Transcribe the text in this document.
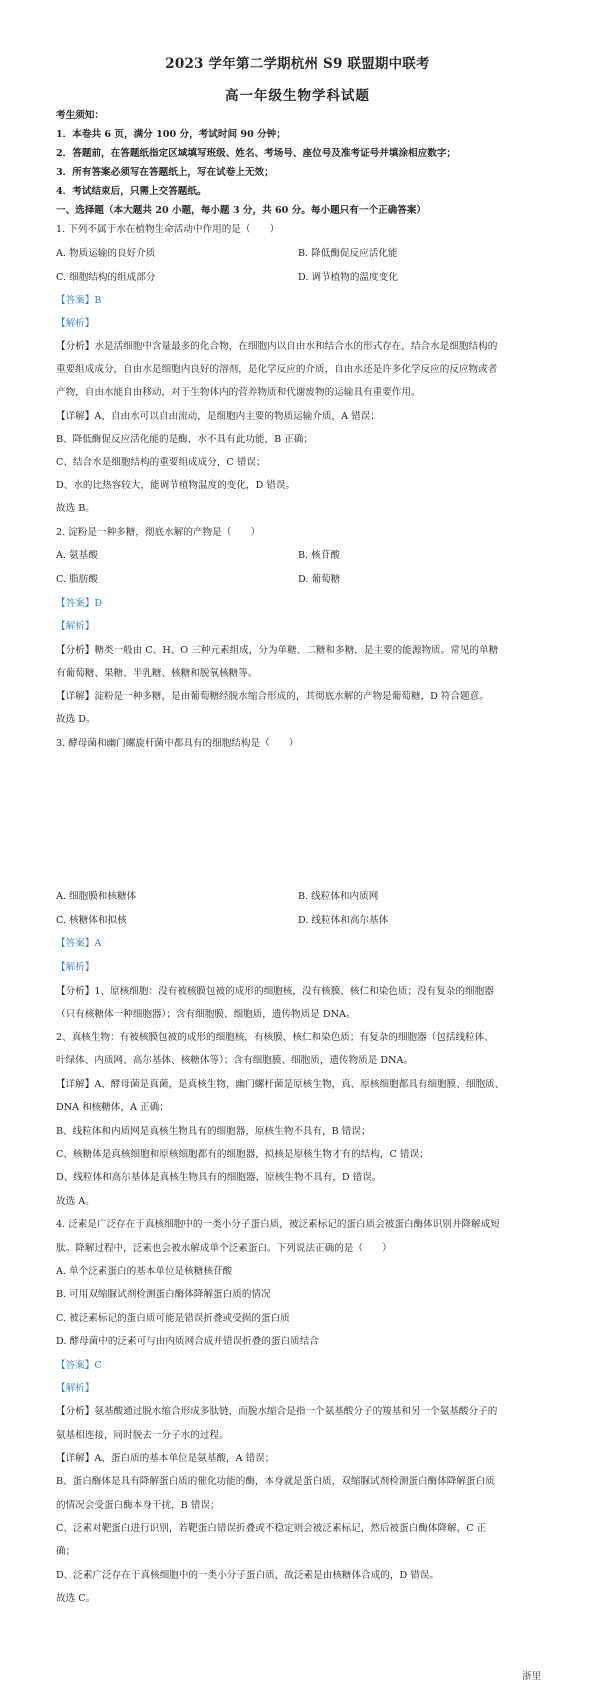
2023 学年第二学期杭州 S9 联盟期中联考
高一年级生物学科试题
考生须知：
1．本卷共 6 页，满分 100 分，考试时间 90 分钟；
2．答题前，在答题纸指定区域填写班级、姓名、考场号、座位号及准考证号并填涂相应数字；
3．所有答案必须写在答题纸上，写在试卷上无效；
4．考试结束后，只需上交答题纸。
一、选择题（本大题共 20 小题，每小题 3 分，共 60 分。每小题只有一个正确答案）
1. 下列不属于水在植物生命活动中作用的是（　　）
A. 物质运输的良好介质	B. 降低酶促反应活化能
C. 细胞结构的组成部分	D. 调节植物的温度变化
【答案】B
【解析】
【分析】水是活细胞中含量最多的化合物，在细胞内以自由水和结合水的形式存在，结合水是细胞结构的
重要组成成分，自由水是细胞内良好的溶剂，是化学反应的介质，自由水还是许多化学反应的反应物或者
产物，自由水能自由移动，对于生物体内的营养物质和代谢废物的运输具有重要作用。
【详解】A、自由水可以自由流动，是细胞内主要的物质运输介质，A 错误；
B、降低酶促反应活化能的是酶，水不具有此功能，B 正确；
C、结合水是细胞结构的重要组成成分，C 错误；
D、水的比热容较大，能调节植物温度的变化，D 错误。
故选 B。
2. 淀粉是一种多糖，彻底水解的产物是（　　）
A. 氨基酸	B. 核苷酸
C. 脂肪酸	D. 葡萄糖
【答案】D
【解析】
【分析】糖类一般由 C、H、O 三种元素组成，分为单糖、二糖和多糖，是主要的能源物质。常见的单糖
有葡萄糖、果糖、半乳糖、核糖和脱氧核糖等。
【详解】淀粉是一种多糖，是由葡萄糖经脱水缩合形成的，其彻底水解的产物是葡萄糖，D 符合题意。
故选 D。
3. 酵母菌和幽门螺旋杆菌中都具有的细胞结构是（　　）
A. 细胞膜和核糖体	B. 线粒体和内质网
C. 核糖体和拟核	D. 线粒体和高尔基体
【答案】A
【解析】
【分析】1、原核细胞：没有被核膜包被的成形的细胞核，没有核膜、核仁和染色质；没有复杂的细胞器
（只有核糖体一种细胞器）；含有细胞膜、细胞质，遗传物质是 DNA。
2、真核生物：有被核膜包被的成形的细胞核，有核膜、核仁和染色质；有复杂的细胞器（包括线粒体、
叶绿体、内质网、高尔基体、核糖体等）；含有细胞膜、细胞质，遗传物质是 DNA。
【详解】A、酵母菌是真菌，是真核生物，幽门螺杆菌是原核生物，真、原核细胞都具有细胞膜、细胞质、
DNA 和核糖体，A 正确；
B、线粒体和内质网是真核生物具有的细胞器，原核生物不具有，B 错误；
C、核糖体是真核细胞和原核细胞都有的细胞器，拟核是原核生物才有的结构，C 错误；
D、线粒体和高尔基体是真核生物具有的细胞器，原核生物不具有，D 错误。
故选 A。
4. 泛素是广泛存在于真核细胞中的一类小分子蛋白质，被泛素标记的蛋白质会被蛋白酶体识别并降解成短
肽。降解过程中，泛素也会被水解成单个泛素蛋白。下列说法正确的是（　　）
A. 单个泛素蛋白的基本单位是核糖核苷酸
B. 可用双缩脲试剂检测蛋白酶体降解蛋白质的情况
C. 被泛素标记的蛋白质可能是错误折叠或受损的蛋白质
D. 酵母菌中的泛素可与由内质网合成并错误折叠的蛋白质结合
【答案】C
【解析】
【分析】氨基酸通过脱水缩合形成多肽链，而脱水缩合是指一个氨基酸分子的羧基和另一个氨基酸分子的
氨基相连接，同时脱去一分子水的过程。
【详解】A、蛋白质的基本单位是氨基酸，A 错误；
B、蛋白酶体是具有降解蛋白质的催化功能的酶，本身就是蛋白质，双缩脲试剂检测蛋白酶体降解蛋白质
的情况会受蛋白酶本身干扰，B 错误；
C、泛素对靶蛋白进行识别，若靶蛋白错误折叠或不稳定则会被泛素标记，然后被蛋白酶体降解，C 正
确；
D、泛素广泛存在于真核细胞中的一类小分子蛋白质，故泛素是由核糖体合成的，D 错误。
故选 C。
浙里
